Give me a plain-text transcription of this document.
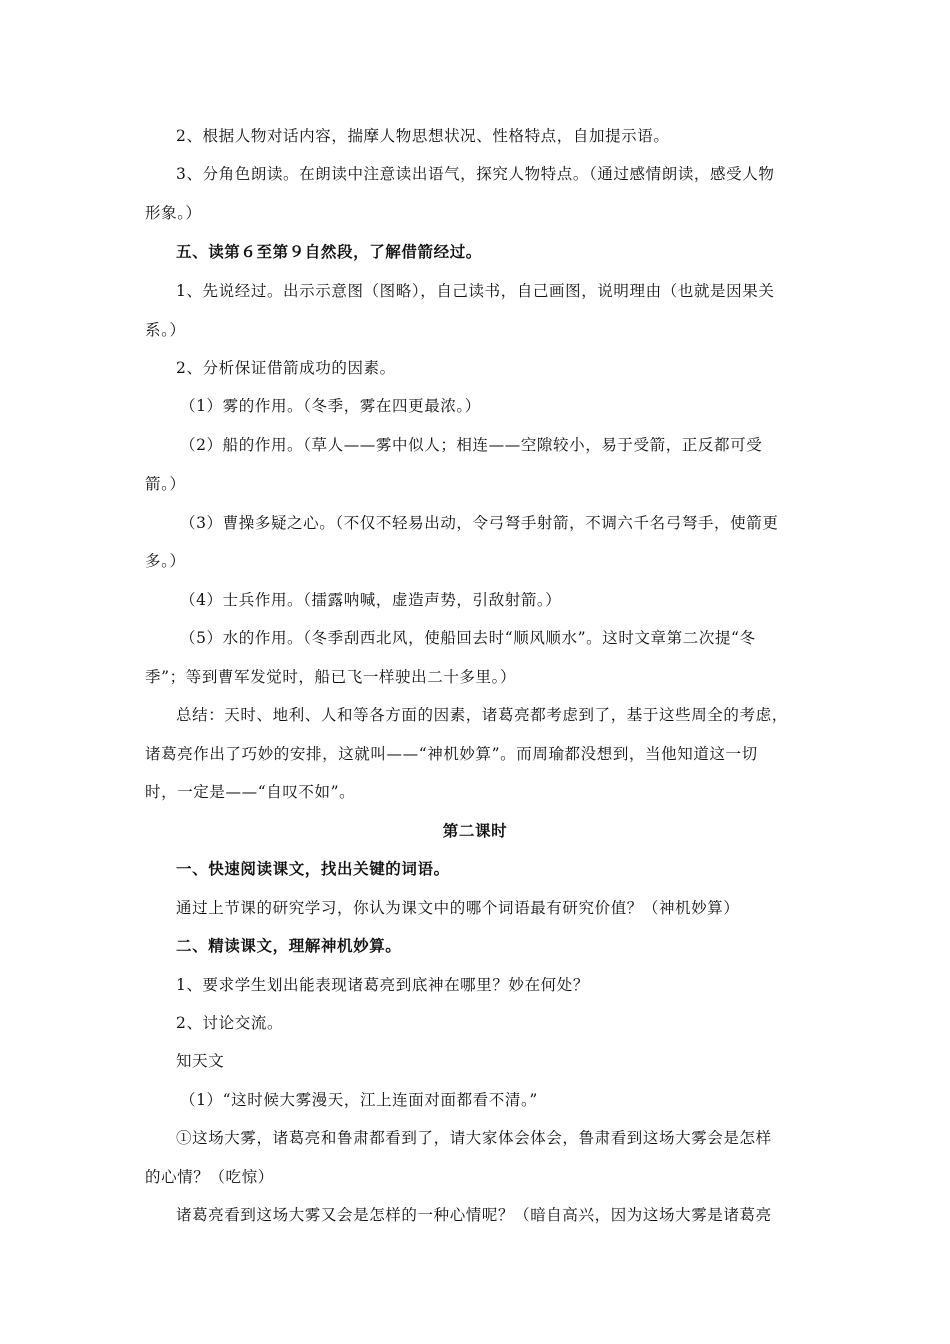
2、根据人物对话内容，揣摩人物思想状况、性格特点，自加提示语。
3、分角色朗读。在朗读中注意读出语气，探究人物特点。（通过感情朗读，感受人物
形象。）
五、读第６至第９自然段，了解借箭经过。
1、先说经过。出示示意图（图略），自己读书，自己画图，说明理由（也就是因果关
系。）
2、分析保证借箭成功的因素。
（1）雾的作用。（冬季，雾在四更最浓。）
（2）船的作用。（草人——雾中似人；相连——空隙较小，易于受箭，正反都可受
箭。）
（3）曹操多疑之心。（不仅不轻易出动，令弓弩手射箭，不调六千名弓弩手，使箭更
多。）
（4）士兵作用。（擂露呐喊，虚造声势，引敌射箭。）
（5）水的作用。（冬季刮西北风，使船回去时“顺风顺水”。这时文章第二次提“冬
季”；等到曹军发觉时，船已飞一样驶出二十多里。）
总结：天时、地利、人和等各方面的因素，诸葛亮都考虑到了，基于这些周全的考虑，
诸葛亮作出了巧妙的安排，这就叫——“神机妙算”。而周瑜都没想到，当他知道这一切
时，一定是——“自叹不如”。
第二课时
一、快速阅读课文，找出关键的词语。
通过上节课的研究学习，你认为课文中的哪个词语最有研究价值？（神机妙算）
二、精读课文，理解神机妙算。
1、要求学生划出能表现诸葛亮到底神在哪里？妙在何处？
2、讨论交流。
知天文
（1）“这时候大雾漫天，江上连面对面都看不清。”
①这场大雾，诸葛亮和鲁肃都看到了，请大家体会体会，鲁肃看到这场大雾会是怎样
的心情？（吃惊）
诸葛亮看到这场大雾又会是怎样的一种心情呢？（暗自高兴，因为这场大雾是诸葛亮
